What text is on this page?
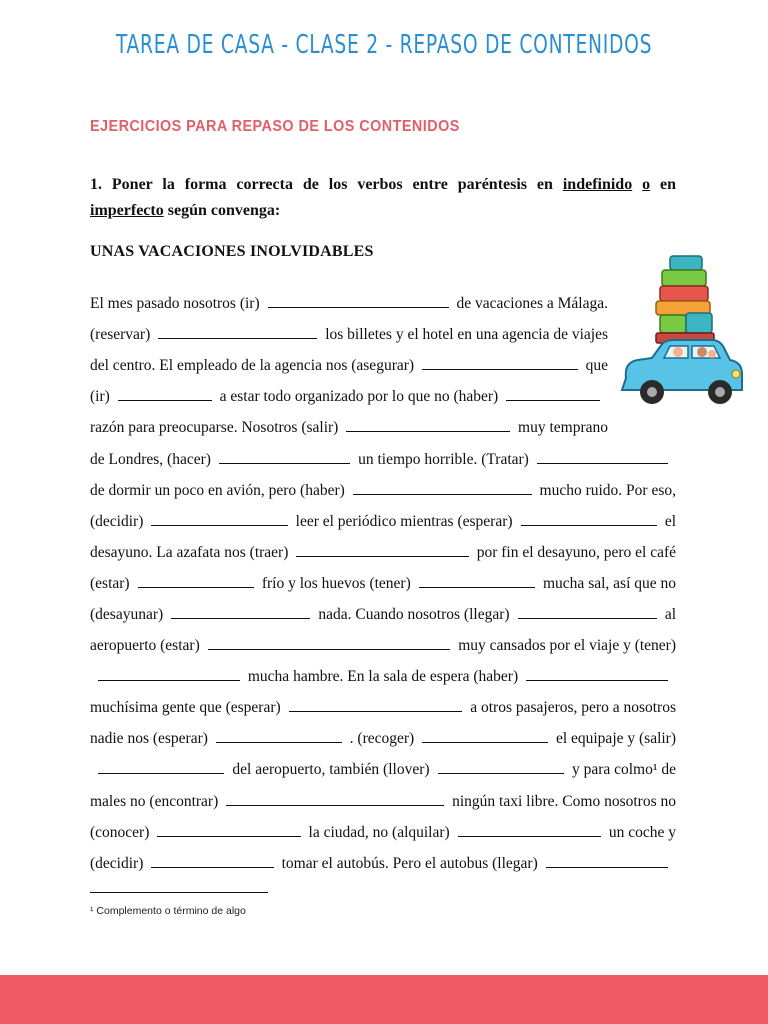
TAREA DE CASA - CLASE 2 - REPASO DE CONTENIDOS
EJERCICIOS PARA REPASO DE LOS CONTENIDOS
1. Poner la forma correcta de los verbos entre paréntesis en indefinido o en imperfecto según convenga:
UNAS VACACIONES INOLVIDABLES
El mes pasado nosotros (ir)	de vacaciones a Málaga.
(reservar)	los billetes y el hotel en una agencia de viajes
del centro. El empleado de la agencia nos (asegurar)	que
(ir)	a estar todo organizado por lo que no (haber)
razón para preocuparse. Nosotros (salir)	muy temprano
de Londres, (hacer)	un tiempo horrible. (Tratar)
de dormir un poco en avión, pero (haber)	mucho ruido. Por eso,
(decidir)	leer el periódico mientras (esperar)	el
desayuno. La azafata nos (traer)	por fin el desayuno, pero el café
(estar)	frío y los huevos (tener)	mucha sal, así que no
(desayunar)	nada. Cuando nosotros (llegar)	al
aeropuerto (estar)	muy cansados por el viaje y (tener)
mucha hambre. En la sala de espera (haber)
muchísima gente que (esperar)	a otros pasajeros, pero a nosotros
nadie nos (esperar)	. (recoger)	el equipaje y (salir)
del aeropuerto, también (llover)	y para colmo¹ de
males no (encontrar)	ningún taxi libre. Como nosotros no
(conocer)	la ciudad, no (alquilar)	un coche y
(decidir)	tomar el autobús. Pero el autobus (llegar)
¹ Complemento o término de algo
